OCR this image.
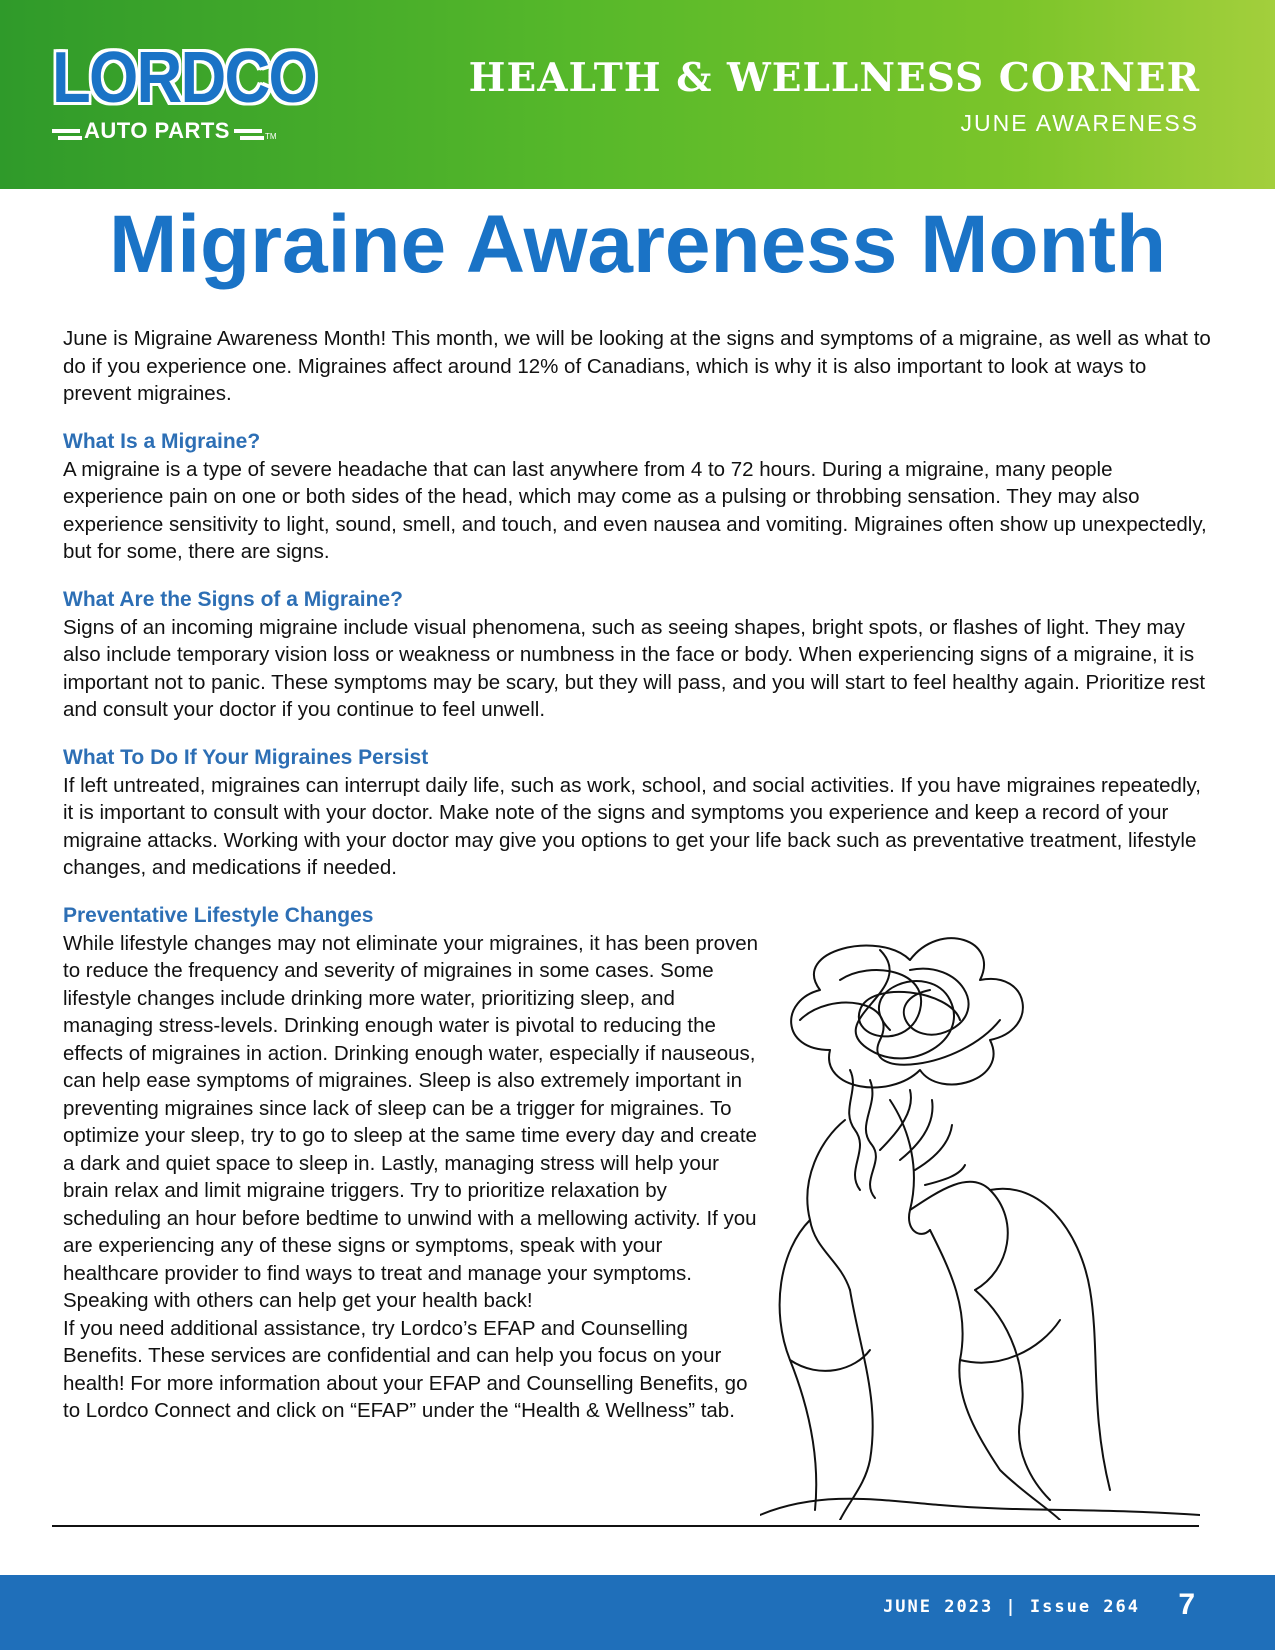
LORDCO
AUTO PARTS	TM
HEALTH & WELLNESS CORNER
JUNE AWARENESS
Migraine Awareness Month

June is Migraine Awareness Month! This month, we will be looking at the signs and symptoms of a migraine, as well as what to do if you experience one. Migraines affect around 12% of Canadians, which is why it is also important to look at ways to prevent migraines.

What Is a Migraine?

A migraine is a type of severe headache that can last anywhere from 4 to 72 hours. During a migraine, many people experience pain on one or both sides of the head, which may come as a pulsing or throbbing sensation. They may also experience sensitivity to light, sound, smell, and touch, and even nausea and vomiting. Migraines often show up unexpectedly, but for some, there are signs.

What Are the Signs of a Migraine?

Signs of an incoming migraine include visual phenomena, such as seeing shapes, bright spots, or flashes of light. They may also include temporary vision loss or weakness or numbness in the face or body. When experiencing signs of a migraine, it is important not to panic. These symptoms may be scary, but they will pass, and you will start to feel healthy again. Prioritize rest and consult your doctor if you continue to feel unwell.

What To Do If Your Migraines Persist

If left untreated, migraines can interrupt daily life, such as work, school, and social activities. If you have migraines repeatedly, it is important to consult with your doctor. Make note of the signs and symptoms you experience and keep a record of your migraine attacks. Working with your doctor may give you options to get your life back such as preventative treatment, lifestyle changes, and medications if needed.

Preventative Lifestyle Changes

While lifestyle changes may not eliminate your migraines, it has been proven to reduce the frequency and severity of migraines in some cases. Some lifestyle changes include drinking more water, prioritizing sleep, and managing stress-levels. Drinking enough water is pivotal to reducing the effects of migraines in action. Drinking enough water, especially if nauseous, can help ease symptoms of migraines. Sleep is also extremely important in preventing migraines since lack of sleep can be a trigger for migraines. To optimize your sleep, try to go to sleep at the same time every day and create a dark and quiet space to sleep in. Lastly, managing stress will help your brain relax and limit migraine triggers. Try to prioritize relaxation by scheduling an hour before bedtime to unwind with a mellowing activity. If you are experiencing any of these signs or symptoms, speak with your healthcare provider to find ways to treat and manage your symptoms. Speaking with others can help get your health back!

If you need additional assistance, try Lordco’s EFAP and Counselling Benefits. These services are confidential and can help you focus on your health! For more information about your EFAP and Counselling Benefits, go to Lordco Connect and click on “EFAP” under the “Health & Wellness” tab.

JUNE 2023 | Issue 264 7
